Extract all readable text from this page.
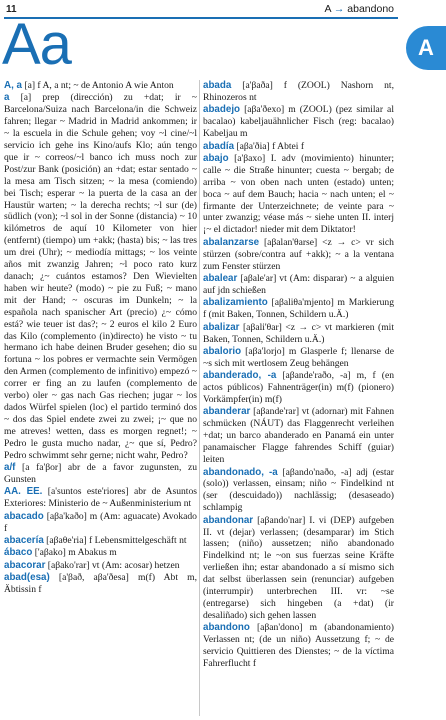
11	A → abandono
Aa	A

A, a [a] f A, a nt; ~ de Antonio A wie Anton

a [a] prep (dirección) zu +dat; ir ~ Barcelona/Suiza nach Barcelona/in die Schweiz fahren; llegar ~ Madrid in Madrid ankommen; ir ~ la escuela in die Schule gehen; voy ~l cine/~l servicio ich gehe ins Kino/aufs Klo; aún tengo que ir ~ correos/~l banco ich muss noch zur Post/zur Bank (posición) an +dat; estar sentado ~ la mesa am Tisch sitzen; ~ la mesa (comiendo) bei Tisch; esperar ~ la puerta de la casa an der Haustür warten; ~ la derecha rechts; ~l sur (de) südlich (von); ~l sol in der Sonne (distancia) ~ 10 kilómetros de aquí 10 Kilometer von hier (entfernt) (tiempo) um +akk; (hasta) bis; ~ las tres um drei (Uhr); ~ mediodía mittags; ~ los veinte años mit zwanzig Jahren; ~l poco rato kurz danach; ¿~ cuántos estamos? Den Wievielten haben wir heute? (modo) ~ pie zu Fuß; ~ mano mit der Hand; ~ oscuras im Dunkeln; ~ la española nach spanischer Art (precio) ¿~ cómo está? wie teuer ist das?; ~ 2 euros el kilo 2 Euro das Kilo (complemento (in)directo) he visto ~ tu hermano ich habe deinen Bruder gesehen; dio su fortuna ~ los pobres er vermachte sein Vermögen den Armen (complemento de infinitivo) empezó ~ correr er fing an zu laufen (complemento de verbo) oler ~ gas nach Gas riechen; jugar ~ los dados Würfel spielen (loc) el partido terminó dos ~ dos das Spiel endete zwei zu zwei; ¡~ que no me atreves! wetten, dass es morgen regnet!; ~ Pedro le gusta mucho nadar, ¿~ que sí, Pedro? Pedro schwimmt sehr gerne; nicht wahr, Pedro?

a/f [a fa'βor] abr de a favor zugunsten, zu Gunsten

AA. EE. [a'suntos este'riores] abr de Asuntos Exteriores: Ministerio de ~ Außenministerium nt

abacado [aβa'kaðo] m (Am: aguacate) Avokado f

abacería [aβaθe'ria] f Lebensmittelgeschäft nt

ábaco ['aβako] m Abakus m

abacorar [aβako'rar] vt (Am: acosar) hetzen

abad(esa) [a'βað, aβa'ðesa] m(f) Abt m, Äbtissin f

abada [a'βaða] f (ZOOL) Nashorn nt, Rhinozeros nt

abadejo [aβa'ðexo] m (ZOOL) (pez similar al bacalao) kabeljauähnlicher Fisch (reg: bacalao) Kabeljau m

abadía [aβa'ðia] f Abtei f

abajo [a'βaxo] I. adv (movimiento) hinunter; calle ~ die Straße hinunter; cuesta ~ bergab; de arriba ~ von oben nach unten (estado) unten; boca ~ auf dem Bauch; hacia ~ nach unten; el ~ firmante der Unterzeichnete; de veinte para ~ unter zwanzig; véase más ~ siehe unten II. interj ¡~ el dictador! nieder mit dem Diktator!

abalanzarse [aβalan'θarse] <z → c> vr sich stürzen (sobre/contra auf +akk); ~ a la ventana zum Fenster stürzen

abalear [aβale'ar] vt (Am: disparar) ~ a alguien auf jdn schießen

abalizamiento [aβaliθa'mjento] m Markierung f (mit Baken, Tonnen, Schildern u.Ä.)

abalizar [aβali'θar] <z → c> vt markieren (mit Baken, Tonnen, Schildern u.Ä.)

abalorio [aβa'lorjo] m Glasperle f; llenarse de ~s sich mit wertlosem Zeug behängen

abanderado, -a [aβande'raðo, -a] m, f (en actos públicos) Fahnenträger(in) m(f) (pionero) Vorkämpfer(in) m(f)

abanderar [aβande'rar] vt (adornar) mit Fahnen schmücken (NÁUT) das Flaggenrecht verleihen +dat; un barco abanderado en Panamá ein unter panamaischer Flagge fahrendes Schiff (guiar) leiten

abandonado, -a [aβando'naðo, -a] adj (estar (solo)) verlassen, einsam; niño ~ Findelkind nt (ser (descuidado)) nachlässig; (desaseado) schlampig

abandonar [aβando'nar] I. vi (DEP) aufgeben II. vt (dejar) verlassen; (desamparar) im Stich lassen; (niño) aussetzen; niño abandonado Findelkind nt; le ~on sus fuerzas seine Kräfte verließen ihn; estar abandonado a sí mismo sich dat selbst überlassen sein (renunciar) aufgeben (interrumpir) unterbrechen III. vr: ~se (entregarse) sich hingeben (a +dat) (ir desaliñado) sich gehen lassen

abandono [aβan'dono] m (abandonamiento) Verlassen nt; (de un niño) Aussetzung f; ~ de servicio Quittieren des Dienstes; ~ de la víctima Fahrerflucht f
